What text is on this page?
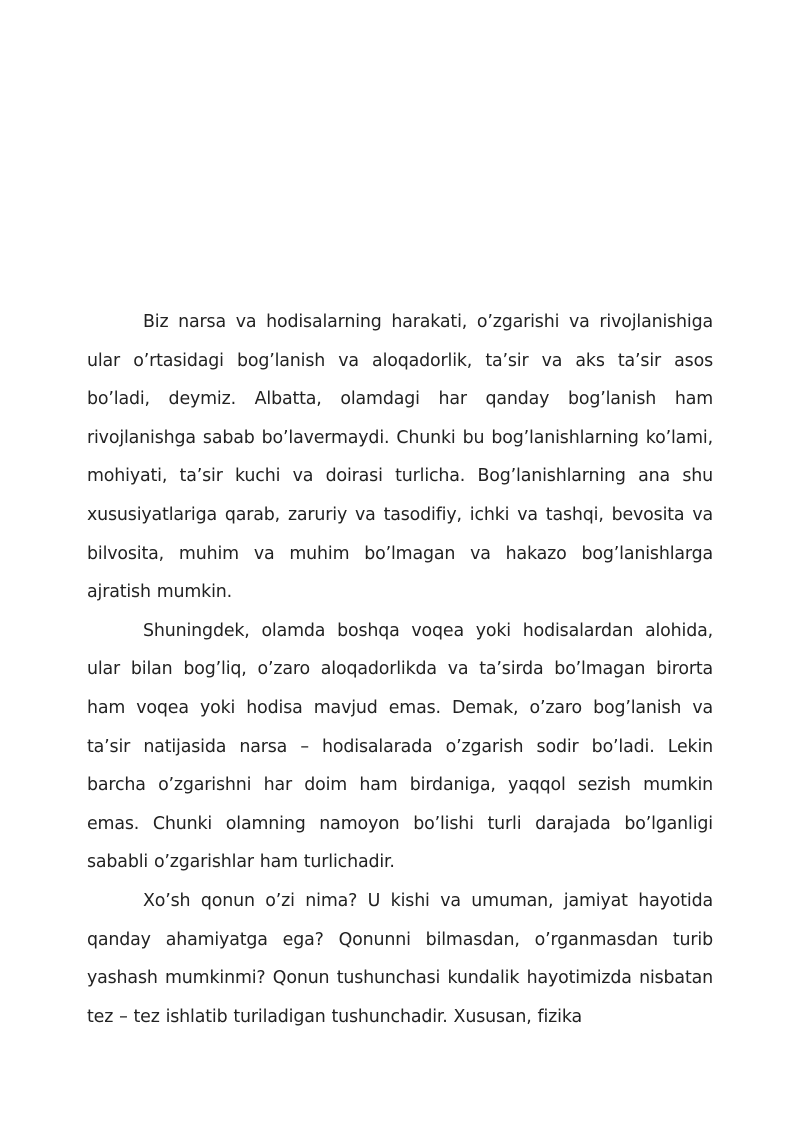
Biz narsa va hodisalarning harakati, o’zgarishi va rivojlanishiga ular o’rtasidagi bog’lanish va aloqadorlik, ta’sir va aks ta’sir asos bo’ladi, deymiz. Albatta, olamdagi har qanday bog’lanish ham rivojlanishga sabab bo’lavermaydi. Chunki bu bog’lanishlarning ko’lami, mohiyati, ta’sir kuchi va doirasi turlicha. Bog’lanishlarning ana shu xususiyatlariga qarab, zaruriy va tasodifiy, ichki va tashqi, bevosita va bilvosita, muhim va muhim bo’lmagan va hakazo bog’lanishlarga ajratish mumkin.

Shuningdek, olamda boshqa voqea yoki hodisalardan alohida, ular bilan bog’liq, o’zaro aloqadorlikda va ta’sirda bo’lmagan birorta ham voqea yoki hodisa mavjud emas. Demak, o’zaro bog’lanish va ta’sir natijasida narsa – hodisalarada o’zgarish sodir bo’ladi. Lekin barcha o’zgarishni har doim ham birdaniga, yaqqol sezish mumkin emas. Chunki olamning namoyon bo’lishi turli darajada bo’lganligi sababli o’zgarishlar ham turlichadir.

Xo’sh qonun o’zi nima? U kishi va umuman, jamiyat hayotida qanday ahamiyatga ega? Qonunni bilmasdan, o’rganmasdan turib yashash mumkinmi? Qonun tushunchasi kundalik hayotimizda nisbatan tez – tez ishlatib turiladigan tushunchadir. Xususan, fizika
